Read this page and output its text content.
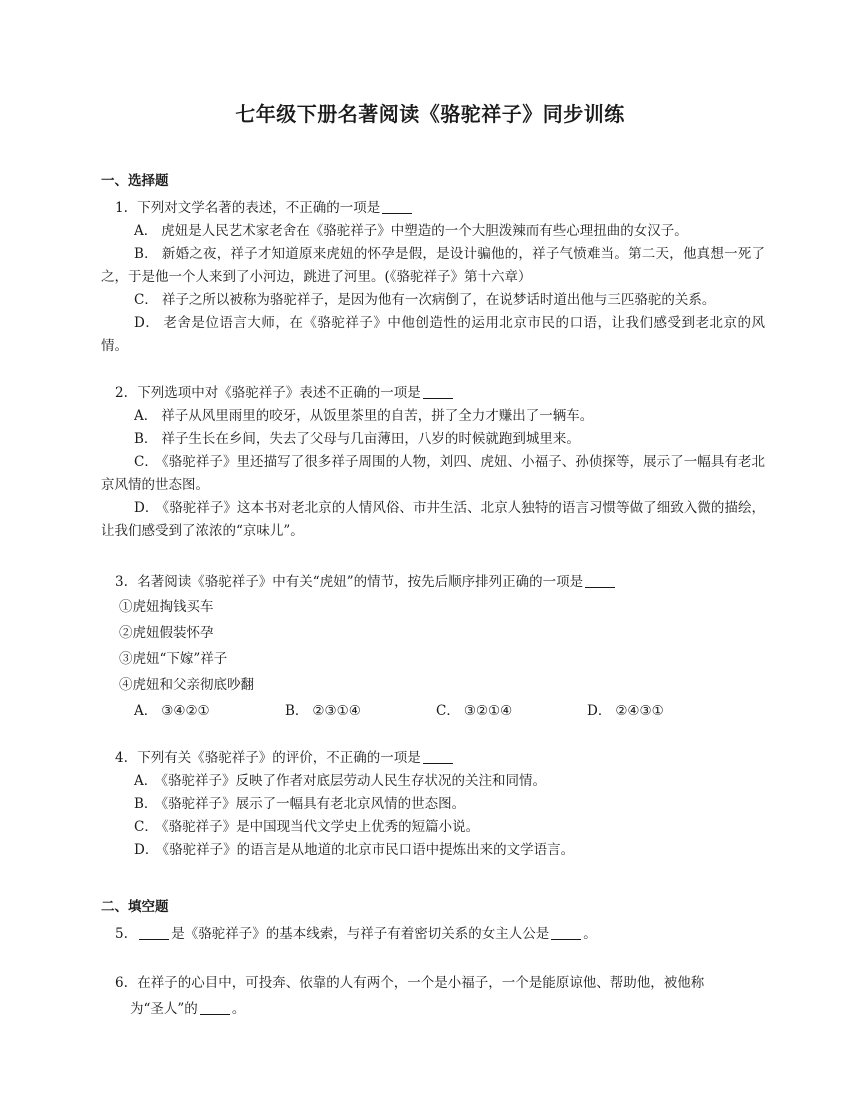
七年级下册名著阅读《骆驼祥子》同步训练
一、选择题
1. 下列对文学名著的表述，不正确的一项是
A． 虎妞是人民艺术家老舍在《骆驼祥子》中塑造的一个大胆泼辣而有些心理扭曲的女汉子。
B． 新婚之夜，祥子才知道原来虎妞的怀孕是假，是设计骗他的，祥子气愤难当。第二天，他真想一死了之，于是他一个人来到了小河边，跳进了河里。(《骆驼祥子》第十六章）
C． 祥子之所以被称为骆驼祥子，是因为他有一次病倒了，在说梦话时道出他与三匹骆驼的关系。
D． 老舍是位语言大师，在《骆驼祥子》中他创造性的运用北京市民的口语，让我们感受到老北京的风情。
2. 下列选项中对《骆驼祥子》表述不正确的一项是
A． 祥子从风里雨里的咬牙，从饭里茶里的自苦，拼了全力才赚出了一辆车。
B． 祥子生长在乡间，失去了父母与几亩薄田，八岁的时候就跑到城里来。
C． 《骆驼祥子》里还描写了很多祥子周围的人物，刘四、虎妞、小福子、孙侦探等，展示了一幅具有老北京风情的世态图。
D． 《骆驼祥子》这本书对老北京的人情风俗、市井生活、北京人独特的语言习惯等做了细致入微的描绘，让我们感受到了浓浓的“京味儿”。
3. 名著阅读《骆驼祥子》中有关“虎妞”的情节，按先后顺序排列正确的一项是
①虎妞掏钱买车
②虎妞假装怀孕
③虎妞“下嫁”祥子
④虎妞和父亲彻底吵翻
A． ③④②①	B． ②③①④	C． ③②①④	D． ②④③①
4. 下列有关《骆驼祥子》的评价，不正确的一项是
A． 《骆驼祥子》反映了作者对底层劳动人民生存状况的关注和同情。
B． 《骆驼祥子》展示了一幅具有老北京风情的世态图。
C． 《骆驼祥子》是中国现当代文学史上优秀的短篇小说。
D． 《骆驼祥子》的语言是从地道的北京市民口语中提炼出来的文学语言。
二、填空题
5.	是《骆驼祥子》的基本线索，与祥子有着密切关系的女主人公是	。
6. 在祥子的心目中，可投奔、依靠的人有两个，一个是小福子，一个是能原谅他、帮助他，被他称
为“圣人”的	。
